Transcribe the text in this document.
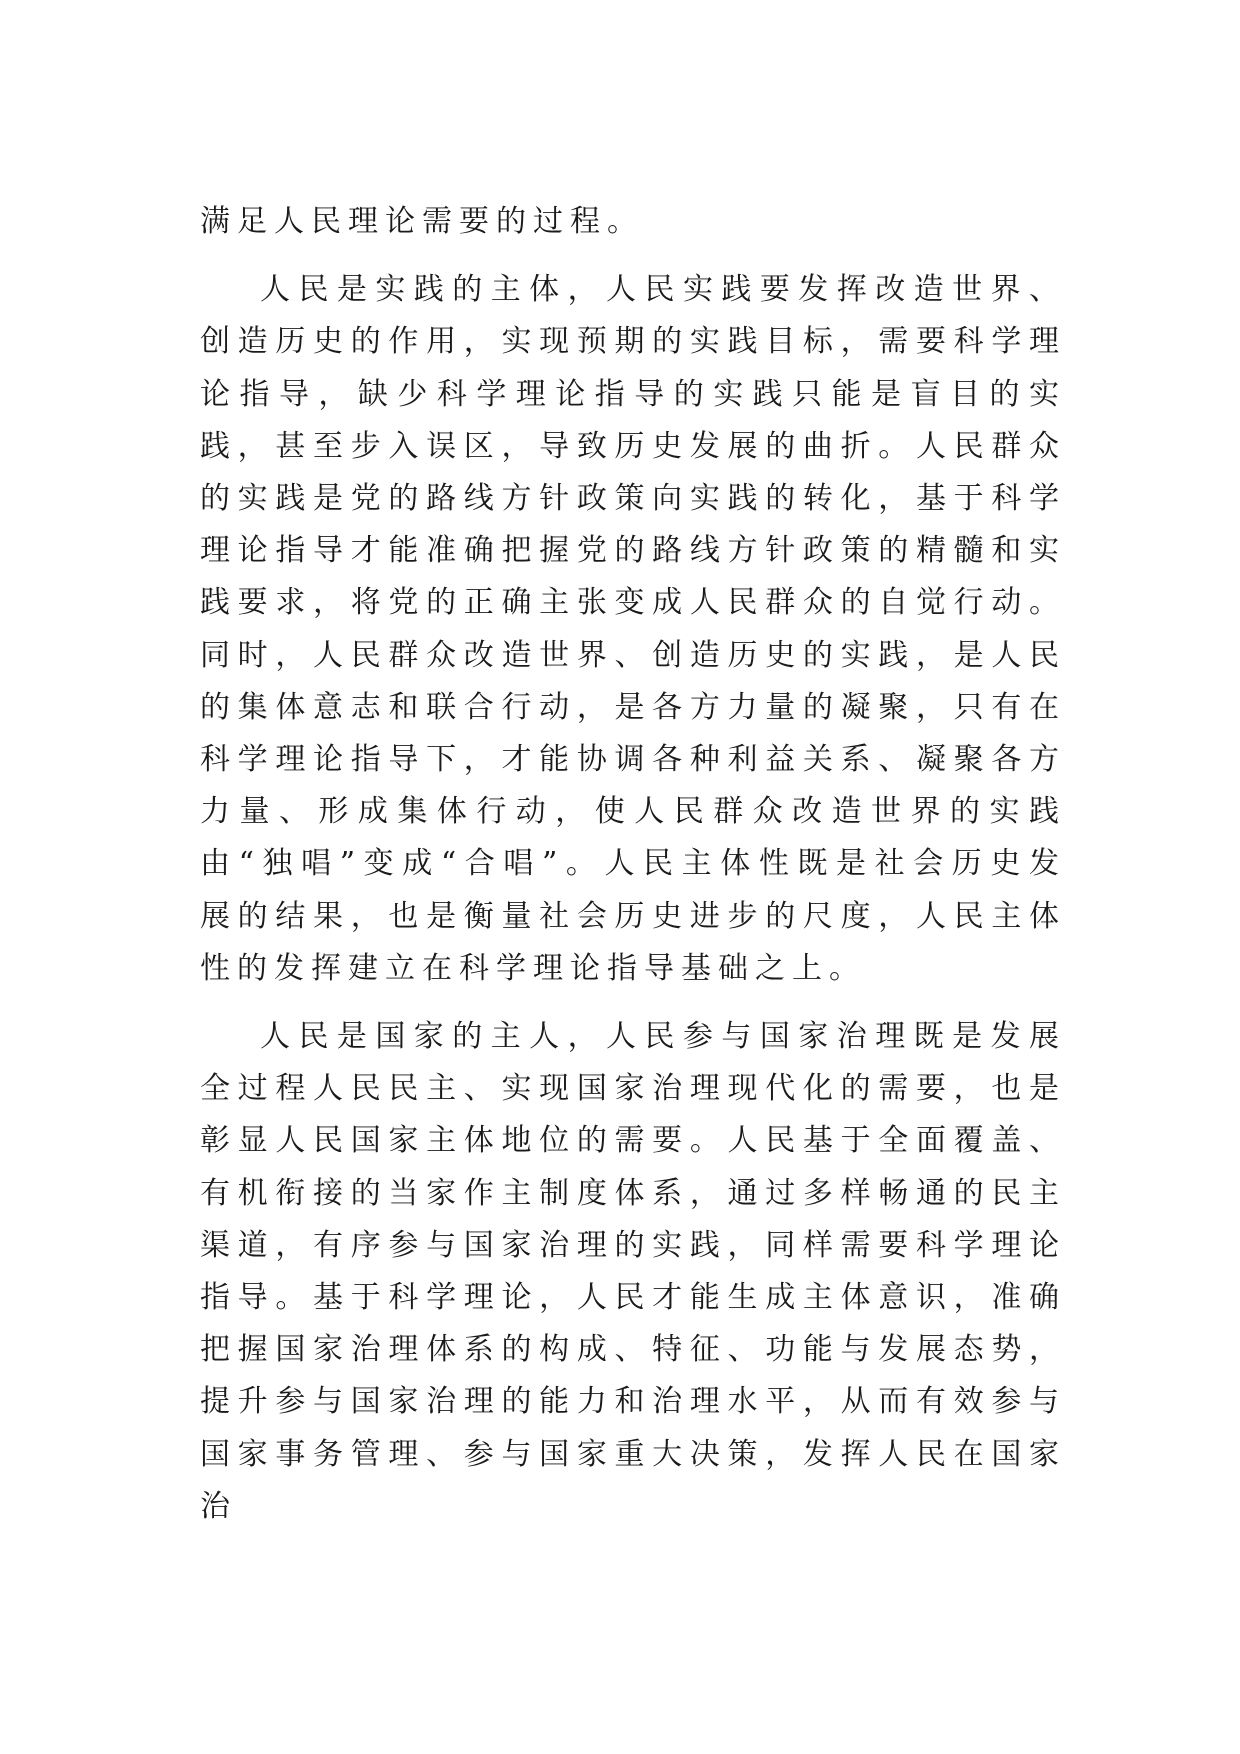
满足人民理论需要的过程。

人民是实践的主体，人民实践要发挥改造世界、创造历史的作用，实现预期的实践目标，需要科学理论指导，缺少科学理论指导的实践只能是盲目的实践，甚至步入误区，导致历史发展的曲折。人民群众的实践是党的路线方针政策向实践的转化，基于科学理论指导才能准确把握党的路线方针政策的精髓和实践要求，将党的正确主张变成人民群众的自觉行动。同时，人民群众改造世界、创造历史的实践，是人民的集体意志和联合行动，是各方力量的凝聚，只有在科学理论指导下，才能协调各种利益关系、凝聚各方力量、形成集体行动，使人民群众改造世界的实践由“独唱”变成“合唱”。人民主体性既是社会历史发展的结果，也是衡量社会历史进步的尺度，人民主体性的发挥建立在科学理论指导基础之上。

人民是国家的主人，人民参与国家治理既是发展全过程人民民主、实现国家治理现代化的需要，也是彰显人民国家主体地位的需要。人民基于全面覆盖、有机衔接的当家作主制度体系，通过多样畅通的民主渠道，有序参与国家治理的实践，同样需要科学理论指导。基于科学理论，人民才能生成主体意识，准确把握国家治理体系的构成、特征、功能与发展态势，提升参与国家治理的能力和治理水平，从而有效参与国家事务管理、参与国家重大决策，发挥人民在国家治
